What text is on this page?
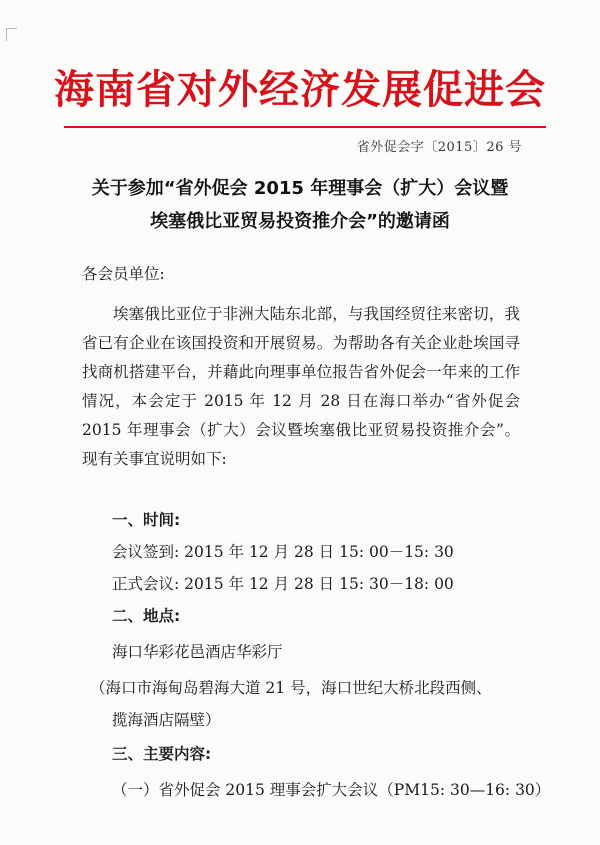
海南省对外经济发展促进会
省外促会字〔2015〕26 号
关于参加“省外促会 2015 年理事会（扩大）会议暨
埃塞俄比亚贸易投资推介会”的邀请函
各会员单位:
埃塞俄比亚位于非洲大陆东北部，与我国经贸往来密切，我省已有企业在该国投资和开展贸易。为帮助各有关企业赴埃国寻找商机搭建平台，并藉此向理事单位报告省外促会一年来的工作情况，本会定于 2015 年 12 月 28 日在海口举办“省外促会 2015 年理事会（扩大）会议暨埃塞俄比亚贸易投资推介会”。现有关事宜说明如下:
一、时间:
会议签到: 2015 年 12 月 28 日 15: 00－15: 30
正式会议: 2015 年 12 月 28 日 15: 30－18: 00
二、地点:
海口华彩花邑酒店华彩厅
（海口市海甸岛碧海大道 21 号，海口世纪大桥北段西侧、
揽海酒店隔壁）
三、主要内容:
（一）省外促会 2015 理事会扩大会议（PM15: 30—16: 30）
